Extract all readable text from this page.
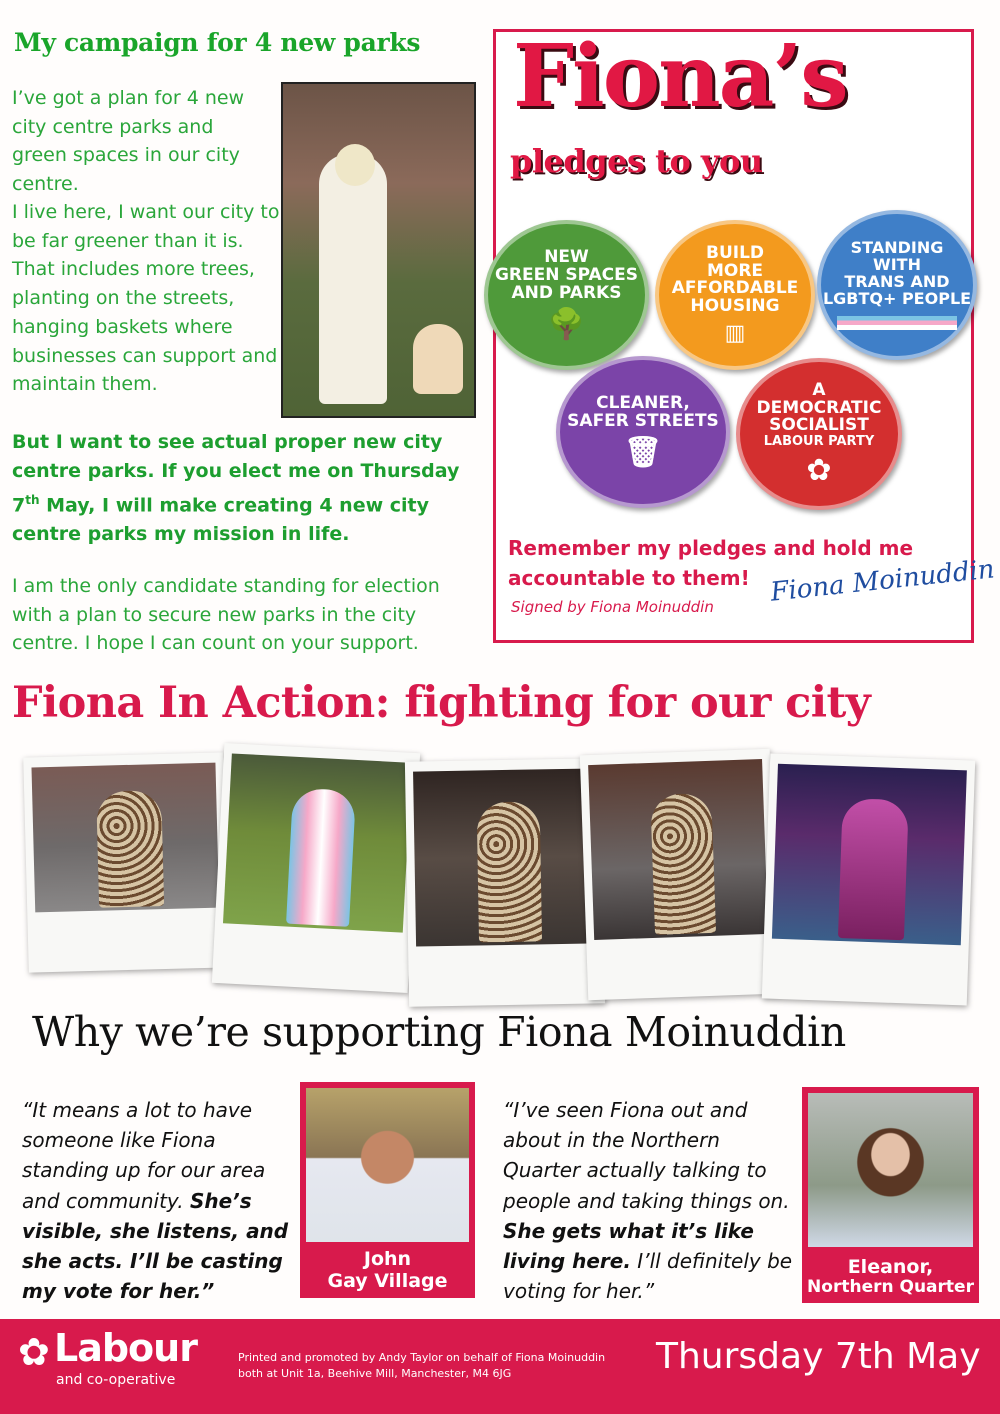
My campaign for 4 new parks
I’ve got a plan for 4 new city centre parks and green spaces in our city centre.
I live here, I want our city to be far greener than it is. That includes more trees, planting on the streets, hanging baskets where businesses can support and maintain them.
But I want to see actual proper new city centre parks. If you elect me on Thursday 7th May, I will make creating 4 new city centre parks my mission in life.
I am the only candidate standing for election with a plan to secure new parks in the city centre. I hope I can count on your support.
Fiona’s
pledges to you
NEW
GREEN SPACES
AND PARKS
🌳
BUILD
MORE
AFFORDABLE
HOUSING
▥
STANDING
WITH
TRANS AND
LGBTQ+ PEOPLE
CLEANER,
SAFER STREETS
🗑
A
DEMOCRATIC
SOCIALIST
LABOUR PARTY
✿
Remember my pledges and hold me accountable to them!
Signed by Fiona Moinuddin Fiona Moinuddin
Fiona In Action: fighting for our city
Why we’re supporting Fiona Moinuddin
“It means a lot to have someone like Fiona standing up for our area and community. She’s visible, she listens, and she acts. I’ll be casting my vote for her.”
John
Gay Village
“I’ve seen Fiona out and about in the Northern Quarter actually talking to people and taking things on. She gets what it’s like living here. I’ll definitely be voting for her.”
Eleanor,
Northern Quarter
✿ Labour
and co-operative
Printed and promoted by Andy Taylor on behalf of Fiona Moinuddin both at Unit 1a, Beehive Mill, Manchester, M4 6JG	Thursday 7th May
